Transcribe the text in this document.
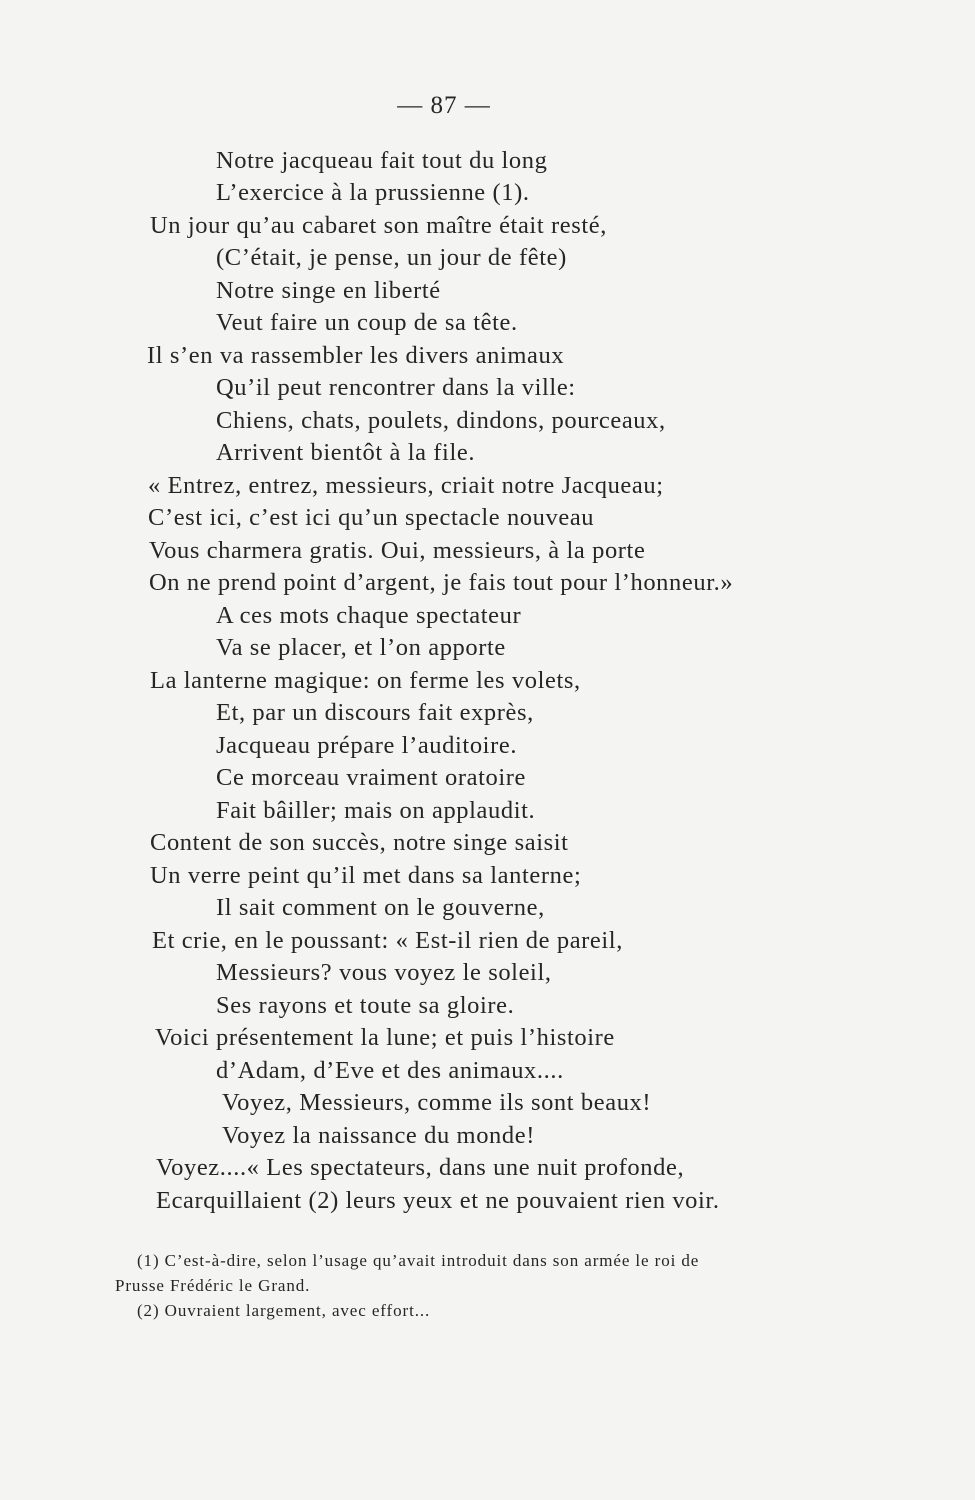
— 87 —
Notre jacqueau fait tout du long
L’exercice à la prussienne (1).
Un jour qu’au cabaret son maître était resté,
(C’était, je pense, un jour de fête)
Notre singe en liberté
Veut faire un coup de sa tête.
Il s’en va rassembler les divers animaux
Qu’il peut rencontrer dans la ville:
Chiens, chats, poulets, dindons, pourceaux,
Arrivent bientôt à la file.
« Entrez, entrez, messieurs, criait notre Jacqueau;
C’est ici, c’est ici qu’un spectacle nouveau
Vous charmera gratis. Oui, messieurs, à la porte
On ne prend point d’argent, je fais tout pour l’honneur.»
A ces mots chaque spectateur
Va se placer, et l’on apporte
La lanterne magique: on ferme les volets,
Et, par un discours fait exprès,
Jacqueau prépare l’auditoire.
Ce morceau vraiment oratoire
Fait bâiller; mais on applaudit.
Content de son succès, notre singe saisit
Un verre peint qu’il met dans sa lanterne;
Il sait comment on le gouverne,
Et crie, en le poussant: « Est-il rien de pareil,
Messieurs? vous voyez le soleil,
Ses rayons et toute sa gloire.
Voici présentement la lune; et puis l’histoire
d’Adam, d’Eve et des animaux....
Voyez, Messieurs, comme ils sont beaux!
Voyez la naissance du monde!
Voyez....« Les spectateurs, dans une nuit profonde,
Ecarquillaient (2) leurs yeux et ne pouvaient rien voir.
(1) C’est-à-dire, selon l’usage qu’avait introduit dans son armée le roi de
Prusse Frédéric le Grand.
(2) Ouvraient largement, avec effort...
